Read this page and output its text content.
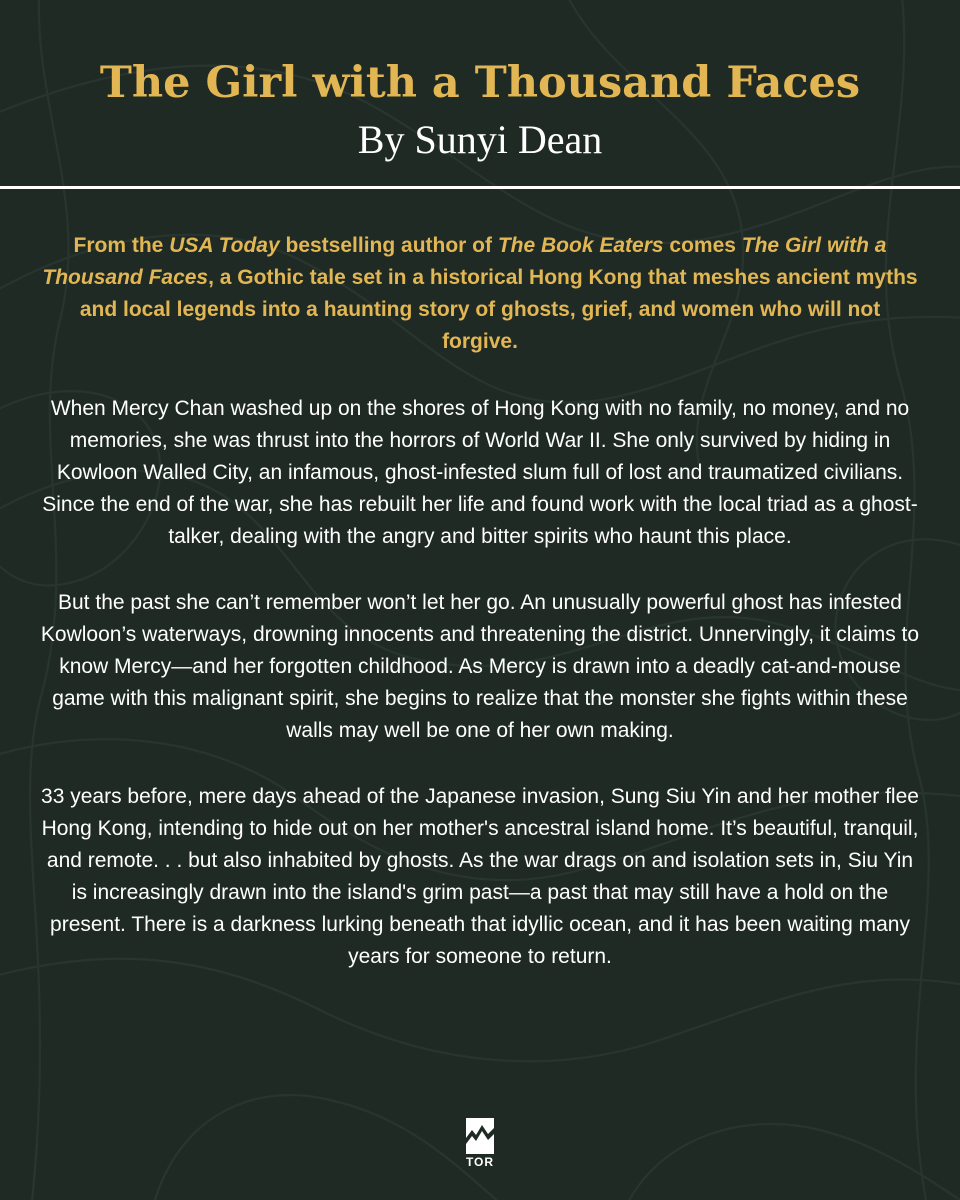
The Girl with a Thousand Faces
By Sunyi Dean

From the USA Today bestselling author of The Book Eaters comes The Girl with a Thousand Faces, a Gothic tale set in a historical Hong Kong that meshes ancient myths and local legends into a haunting story of ghosts, grief, and women who will not forgive.

When Mercy Chan washed up on the shores of Hong Kong with no family, no money, and no memories, she was thrust into the horrors of World War II. She only survived by hiding in Kowloon Walled City, an infamous, ghost-infested slum full of lost and traumatized civilians. Since the end of the war, she has rebuilt her life and found work with the local triad as a ghost-talker, dealing with the angry and bitter spirits who haunt this place.

But the past she can’t remember won’t let her go. An unusually powerful ghost has infested Kowloon’s waterways, drowning innocents and threatening the district. Unnervingly, it claims to know Mercy—and her forgotten childhood. As Mercy is drawn into a deadly cat-and-mouse game with this malignant spirit, she begins to realize that the monster she fights within these walls may well be one of her own making.

33 years before, mere days ahead of the Japanese invasion, Sung Siu Yin and her mother flee Hong Kong, intending to hide out on her mother's ancestral island home. It’s beautiful, tranquil, and remote. . . but also inhabited by ghosts. As the war drags on and isolation sets in, Siu Yin is increasingly drawn into the island's grim past—a past that may still have a hold on the present. There is a darkness lurking beneath that idyllic ocean, and it has been waiting many years for someone to return.

TOR
